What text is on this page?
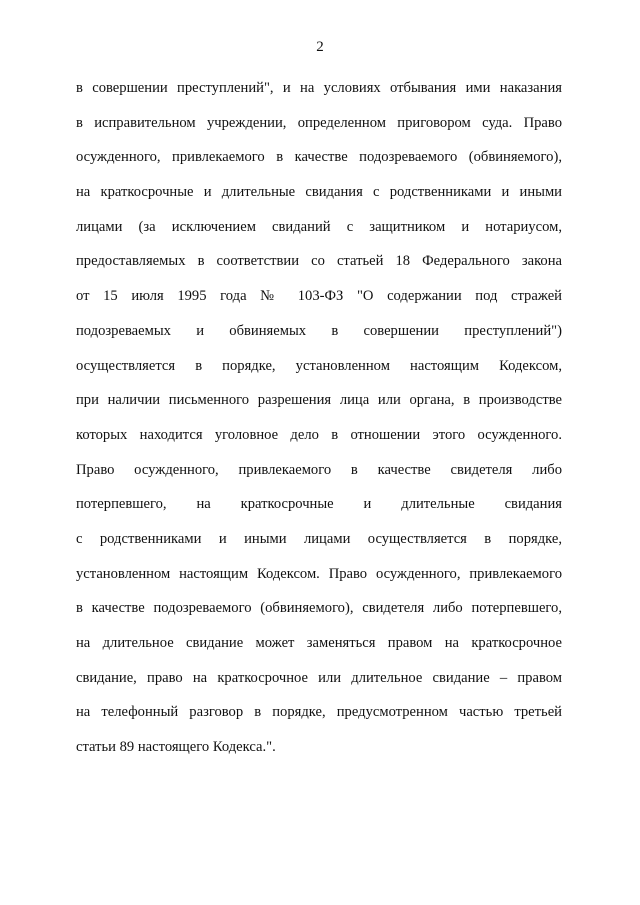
2
в совершении преступлений", и на условиях отбывания ими наказания
в исправительном учреждении, определенном приговором суда. Право
осужденного, привлекаемого в качестве подозреваемого (обвиняемого),
на краткосрочные и длительные свидания с родственниками и иными
лицами (за исключением свиданий с защитником и нотариусом,
предоставляемых в соответствии со статьей 18 Федерального закона
от 15 июля 1995 года № 103-ФЗ "О содержании под стражей
подозреваемых и обвиняемых в совершении преступлений")
осуществляется в порядке, установленном настоящим Кодексом,
при наличии письменного разрешения лица или органа, в производстве
которых находится уголовное дело в отношении этого осужденного.
Право осужденного, привлекаемого в качестве свидетеля либо
потерпевшего, на краткосрочные и длительные свидания
с родственниками и иными лицами осуществляется в порядке,
установленном настоящим Кодексом. Право осужденного, привлекаемого
в качестве подозреваемого (обвиняемого), свидетеля либо потерпевшего,
на длительное свидание может заменяться правом на краткосрочное
свидание, право на краткосрочное или длительное свидание – правом
на телефонный разговор в порядке, предусмотренном частью третьей
статьи 89 настоящего Кодекса.".
